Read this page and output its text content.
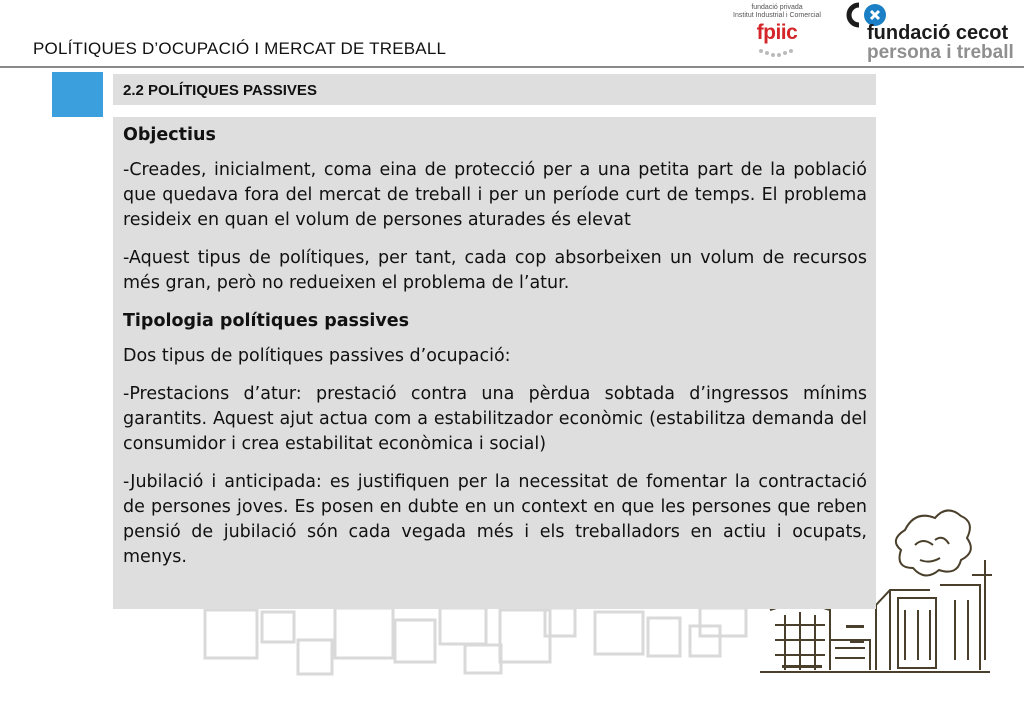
POLÍTIQUES D’OCUPACIÓ I MERCAT DE TREBALL
fundació privada
Institut Industrial i Comercial
fpiic	fundació cecot
persona i treball
2.2 POLÍTIQUES PASSIVES

Objectius

-Creades, inicialment, coma eina de protecció per a una petita part de la població que quedava fora del mercat de treball i per un període curt de temps. El problema resideix en quan el volum de persones aturades és elevat

-Aquest tipus de polítiques, per tant, cada cop absorbeixen un volum de recursos més gran, però no redueixen el problema de l’atur.

Tipologia polítiques passives

Dos tipus de polítiques passives d’ocupació:

-Prestacions d’atur: prestació contra una pèrdua sobtada d’ingressos mínims garantits. Aquest ajut actua com a estabilitzador econòmic (estabilitza demanda del consumidor i crea estabilitat econòmica i social)

-Jubilació i anticipada: es justifiquen per la necessitat de fomentar la contractació de persones joves. Es posen en dubte en un context en que les persones que reben pensió de jubilació són cada vegada més i els treballadors en actiu i ocupats, menys.
